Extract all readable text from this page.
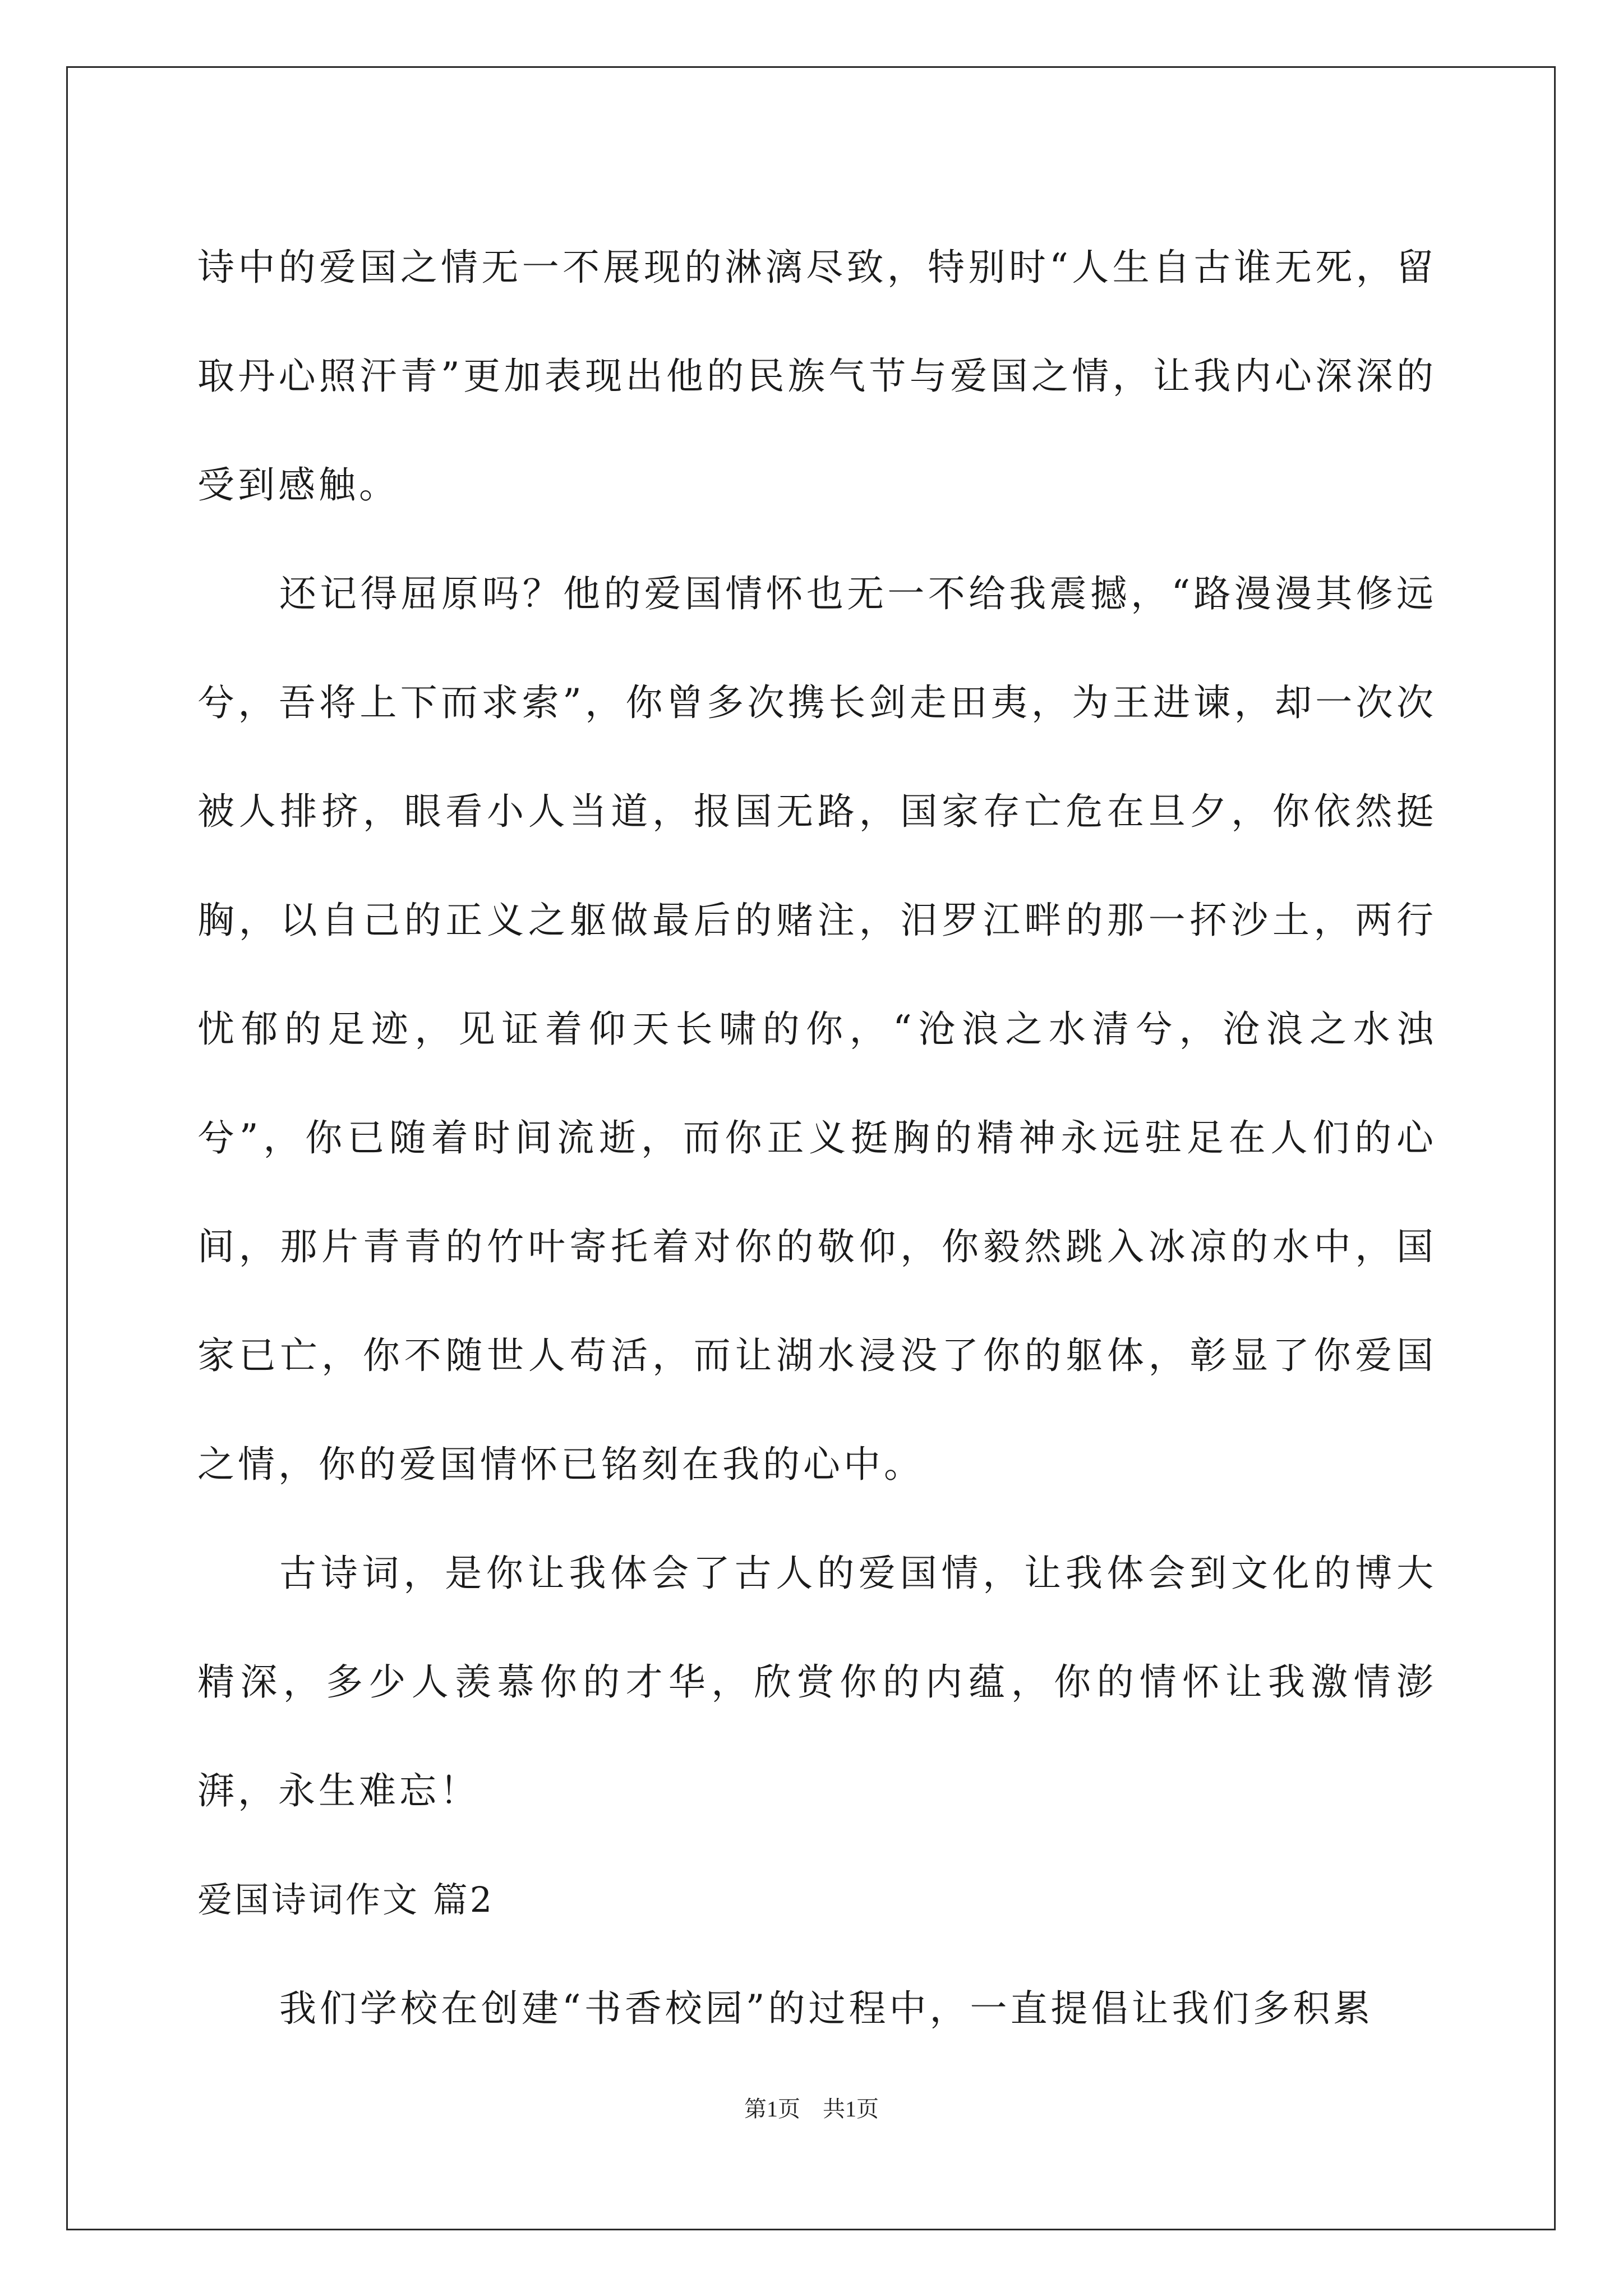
诗中的爱国之情无一不展现的淋漓尽致，特别时“人生自古谁无死，留取丹心照汗青”更加表现出他的民族气节与爱国之情，让我内心深深的受到感触。

还记得屈原吗？他的爱国情怀也无一不给我震撼，“路漫漫其修远兮，吾将上下而求索”，你曾多次携长剑走田夷，为王进谏，却一次次被人排挤，眼看小人当道，报国无路，国家存亡危在旦夕，你依然挺胸，以自己的正义之躯做最后的赌注，汨罗江畔的那一抔沙土，两行忧郁的足迹，见证着仰天长啸的你，“沧浪之水清兮，沧浪之水浊兮”，你已随着时间流逝，而你正义挺胸的精神永远驻足在人们的心间，那片青青的竹叶寄托着对你的敬仰，你毅然跳入冰凉的水中，国家已亡，你不随世人苟活，而让湖水浸没了你的躯体，彰显了你爱国之情，你的爱国情怀已铭刻在我的心中。

古诗词，是你让我体会了古人的爱国情，让我体会到文化的博大精深，多少人羡慕你的才华，欣赏你的内蕴，你的情怀让我激情澎湃，永生难忘！

爱国诗词作文 篇2

我们学校在创建“书香校园”的过程中，一直提倡让我们多积累

第1页　共1页
